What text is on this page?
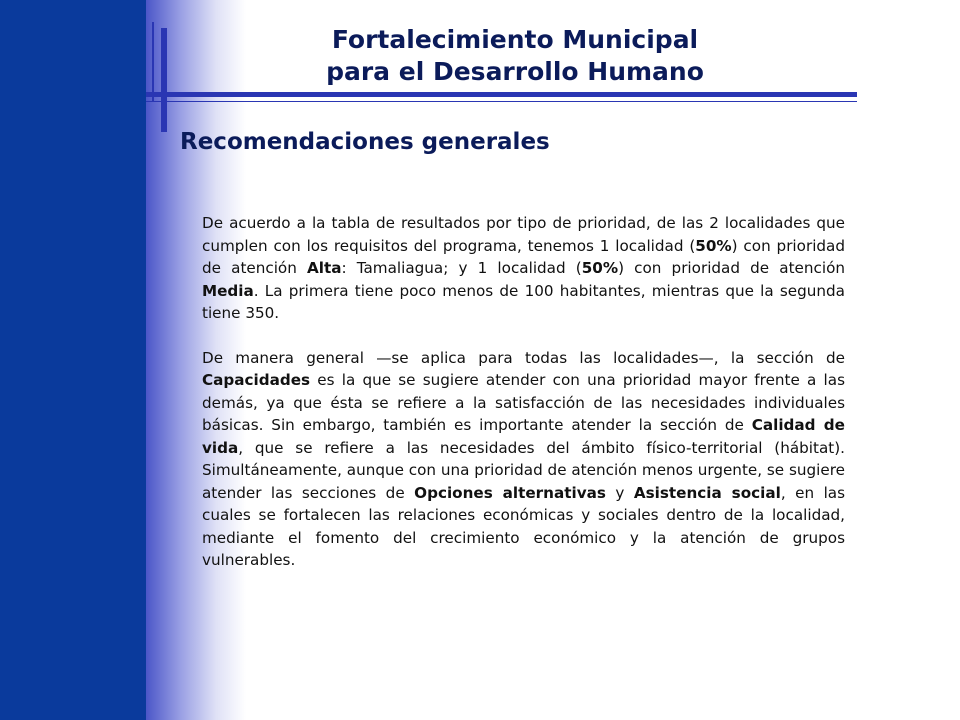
Fortalecimiento Municipal
para el Desarrollo Humano
Recomendaciones generales

De acuerdo a la tabla de resultados por tipo de prioridad, de las 2 localidades que cumplen con los requisitos del programa, tenemos 1 localidad (50%) con prioridad de atención Alta: Tamaliagua; y 1 localidad (50%) con prioridad de atención Media. La primera tiene poco menos de 100 habitantes, mientras que la segunda tiene 350.

De manera general —se aplica para todas las localidades—, la sección de Capacidades es la que se sugiere atender con una prioridad mayor frente a las demás, ya que ésta se refiere a la satisfacción de las necesidades individuales básicas. Sin embargo, también es importante atender la sección de Calidad de vida, que se refiere a las necesidades del ámbito físico-territorial (hábitat). Simultáneamente, aunque con una prioridad de atención menos urgente, se sugiere atender las secciones de Opciones alternativas y Asistencia social, en las cuales se fortalecen las relaciones económicas y sociales dentro de la localidad, mediante el fomento del crecimiento económico y la atención de grupos vulnerables.
